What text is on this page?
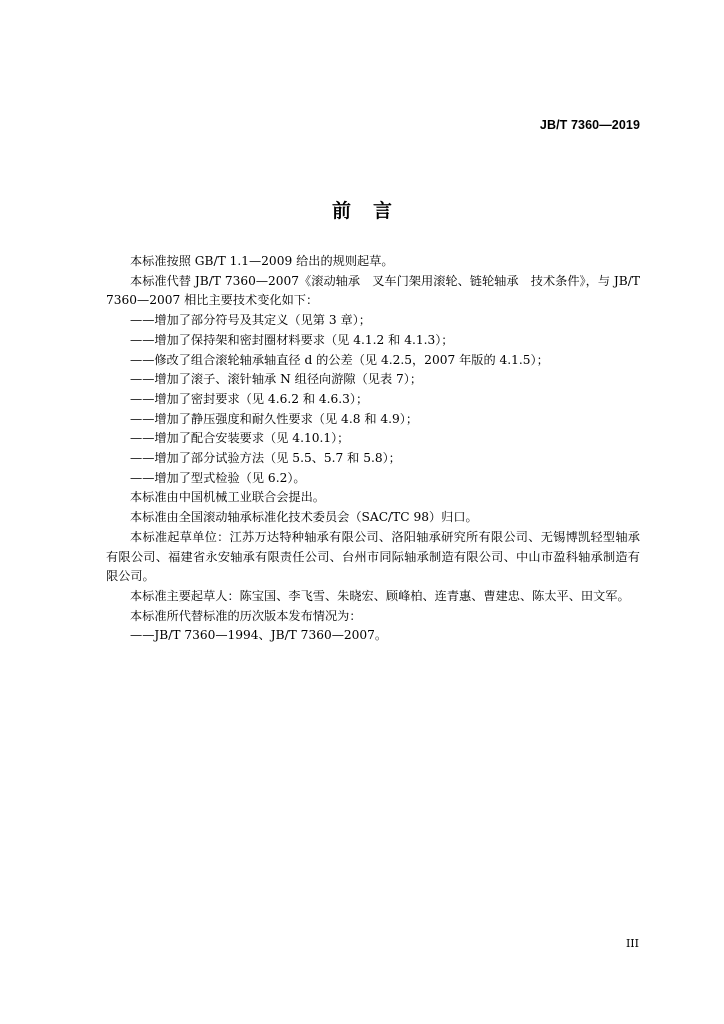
JB/T 7360—2019
前言

本标准按照 GB/T 1.1—2009 给出的规则起草。

本标准代替 JB/T 7360—2007《滚动轴承　叉车门架用滚轮、链轮轴承　技术条件》，与 JB/T 7360—2007 相比主要技术变化如下：

——增加了部分符号及其定义（见第 3 章）；

——增加了保持架和密封圈材料要求（见 4.1.2 和 4.1.3）；

——修改了组合滚轮轴承轴直径 d 的公差（见 4.2.5，2007 年版的 4.1.5）；

——增加了滚子、滚针轴承 N 组径向游隙（见表 7）；

——增加了密封要求（见 4.6.2 和 4.6.3）；

——增加了静压强度和耐久性要求（见 4.8 和 4.9）；

——增加了配合安装要求（见 4.10.1）；

——增加了部分试验方法（见 5.5、5.7 和 5.8）；

——增加了型式检验（见 6.2）。

本标准由中国机械工业联合会提出。

本标准由全国滚动轴承标准化技术委员会（SAC/TC 98）归口。

本标准起草单位：江苏万达特种轴承有限公司、洛阳轴承研究所有限公司、无锡博凯轻型轴承有限公司、福建省永安轴承有限责任公司、台州市同际轴承制造有限公司、中山市盈科轴承制造有限公司。

本标准主要起草人：陈宝国、李飞雪、朱晓宏、顾峰柏、连青惠、曹建忠、陈太平、田文军。

本标准所代替标准的历次版本发布情况为：

——JB/T 7360—1994、JB/T 7360—2007。

III
